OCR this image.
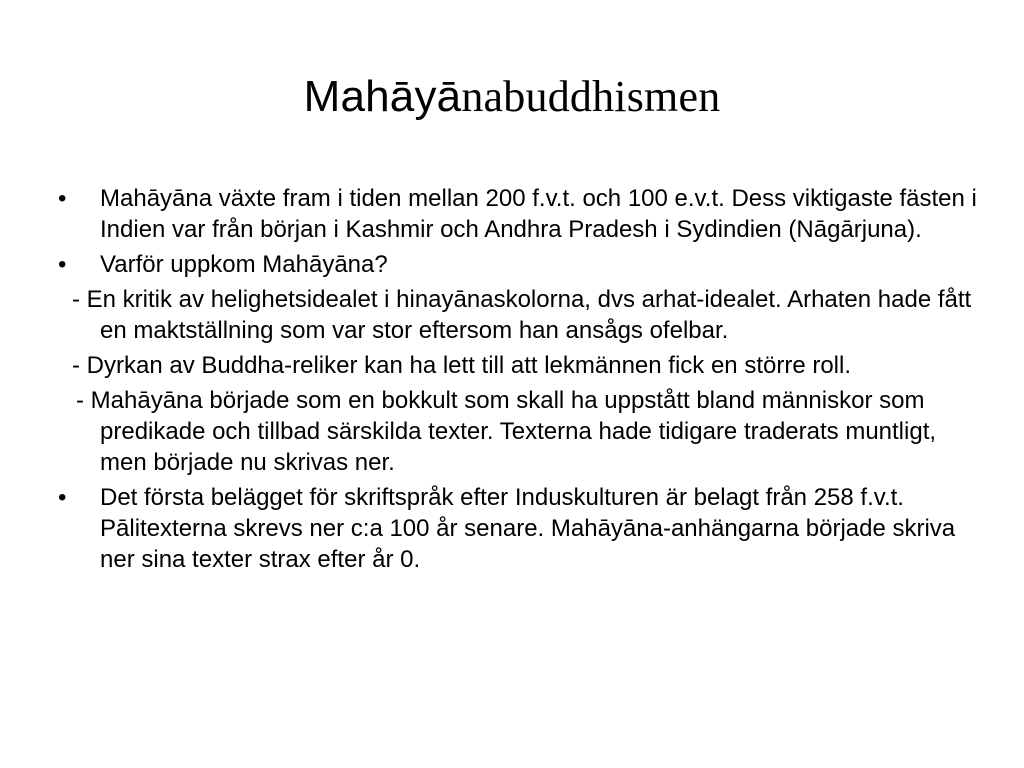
Mahāyānabuddhismen
•	Mahāyāna växte fram i tiden mellan 200 f.v.t. och 100 e.v.t. Dess viktigaste fästen i Indien var från början i Kashmir och Andhra Pradesh i Sydindien (Nāgārjuna).
•	Varför uppkom Mahāyāna?
- En kritik av helighetsidealet i hinayānaskolorna, dvs arhat-idealet. Arhaten hade fått en maktställning som var stor eftersom han ansågs ofelbar.
- Dyrkan av Buddha-reliker kan ha lett till att lekmännen fick en större roll.
- Mahāyāna började som en bokkult som skall ha uppstått bland människor som predikade och tillbad särskilda texter. Texterna hade tidigare traderats muntligt, men började nu skrivas ner.
•	Det första belägget för skriftspråk efter Induskulturen är belagt från 258 f.v.t. Pālitexterna skrevs ner c:a 100 år senare. Mahāyāna-anhängarna började skriva ner sina texter strax efter år 0.
